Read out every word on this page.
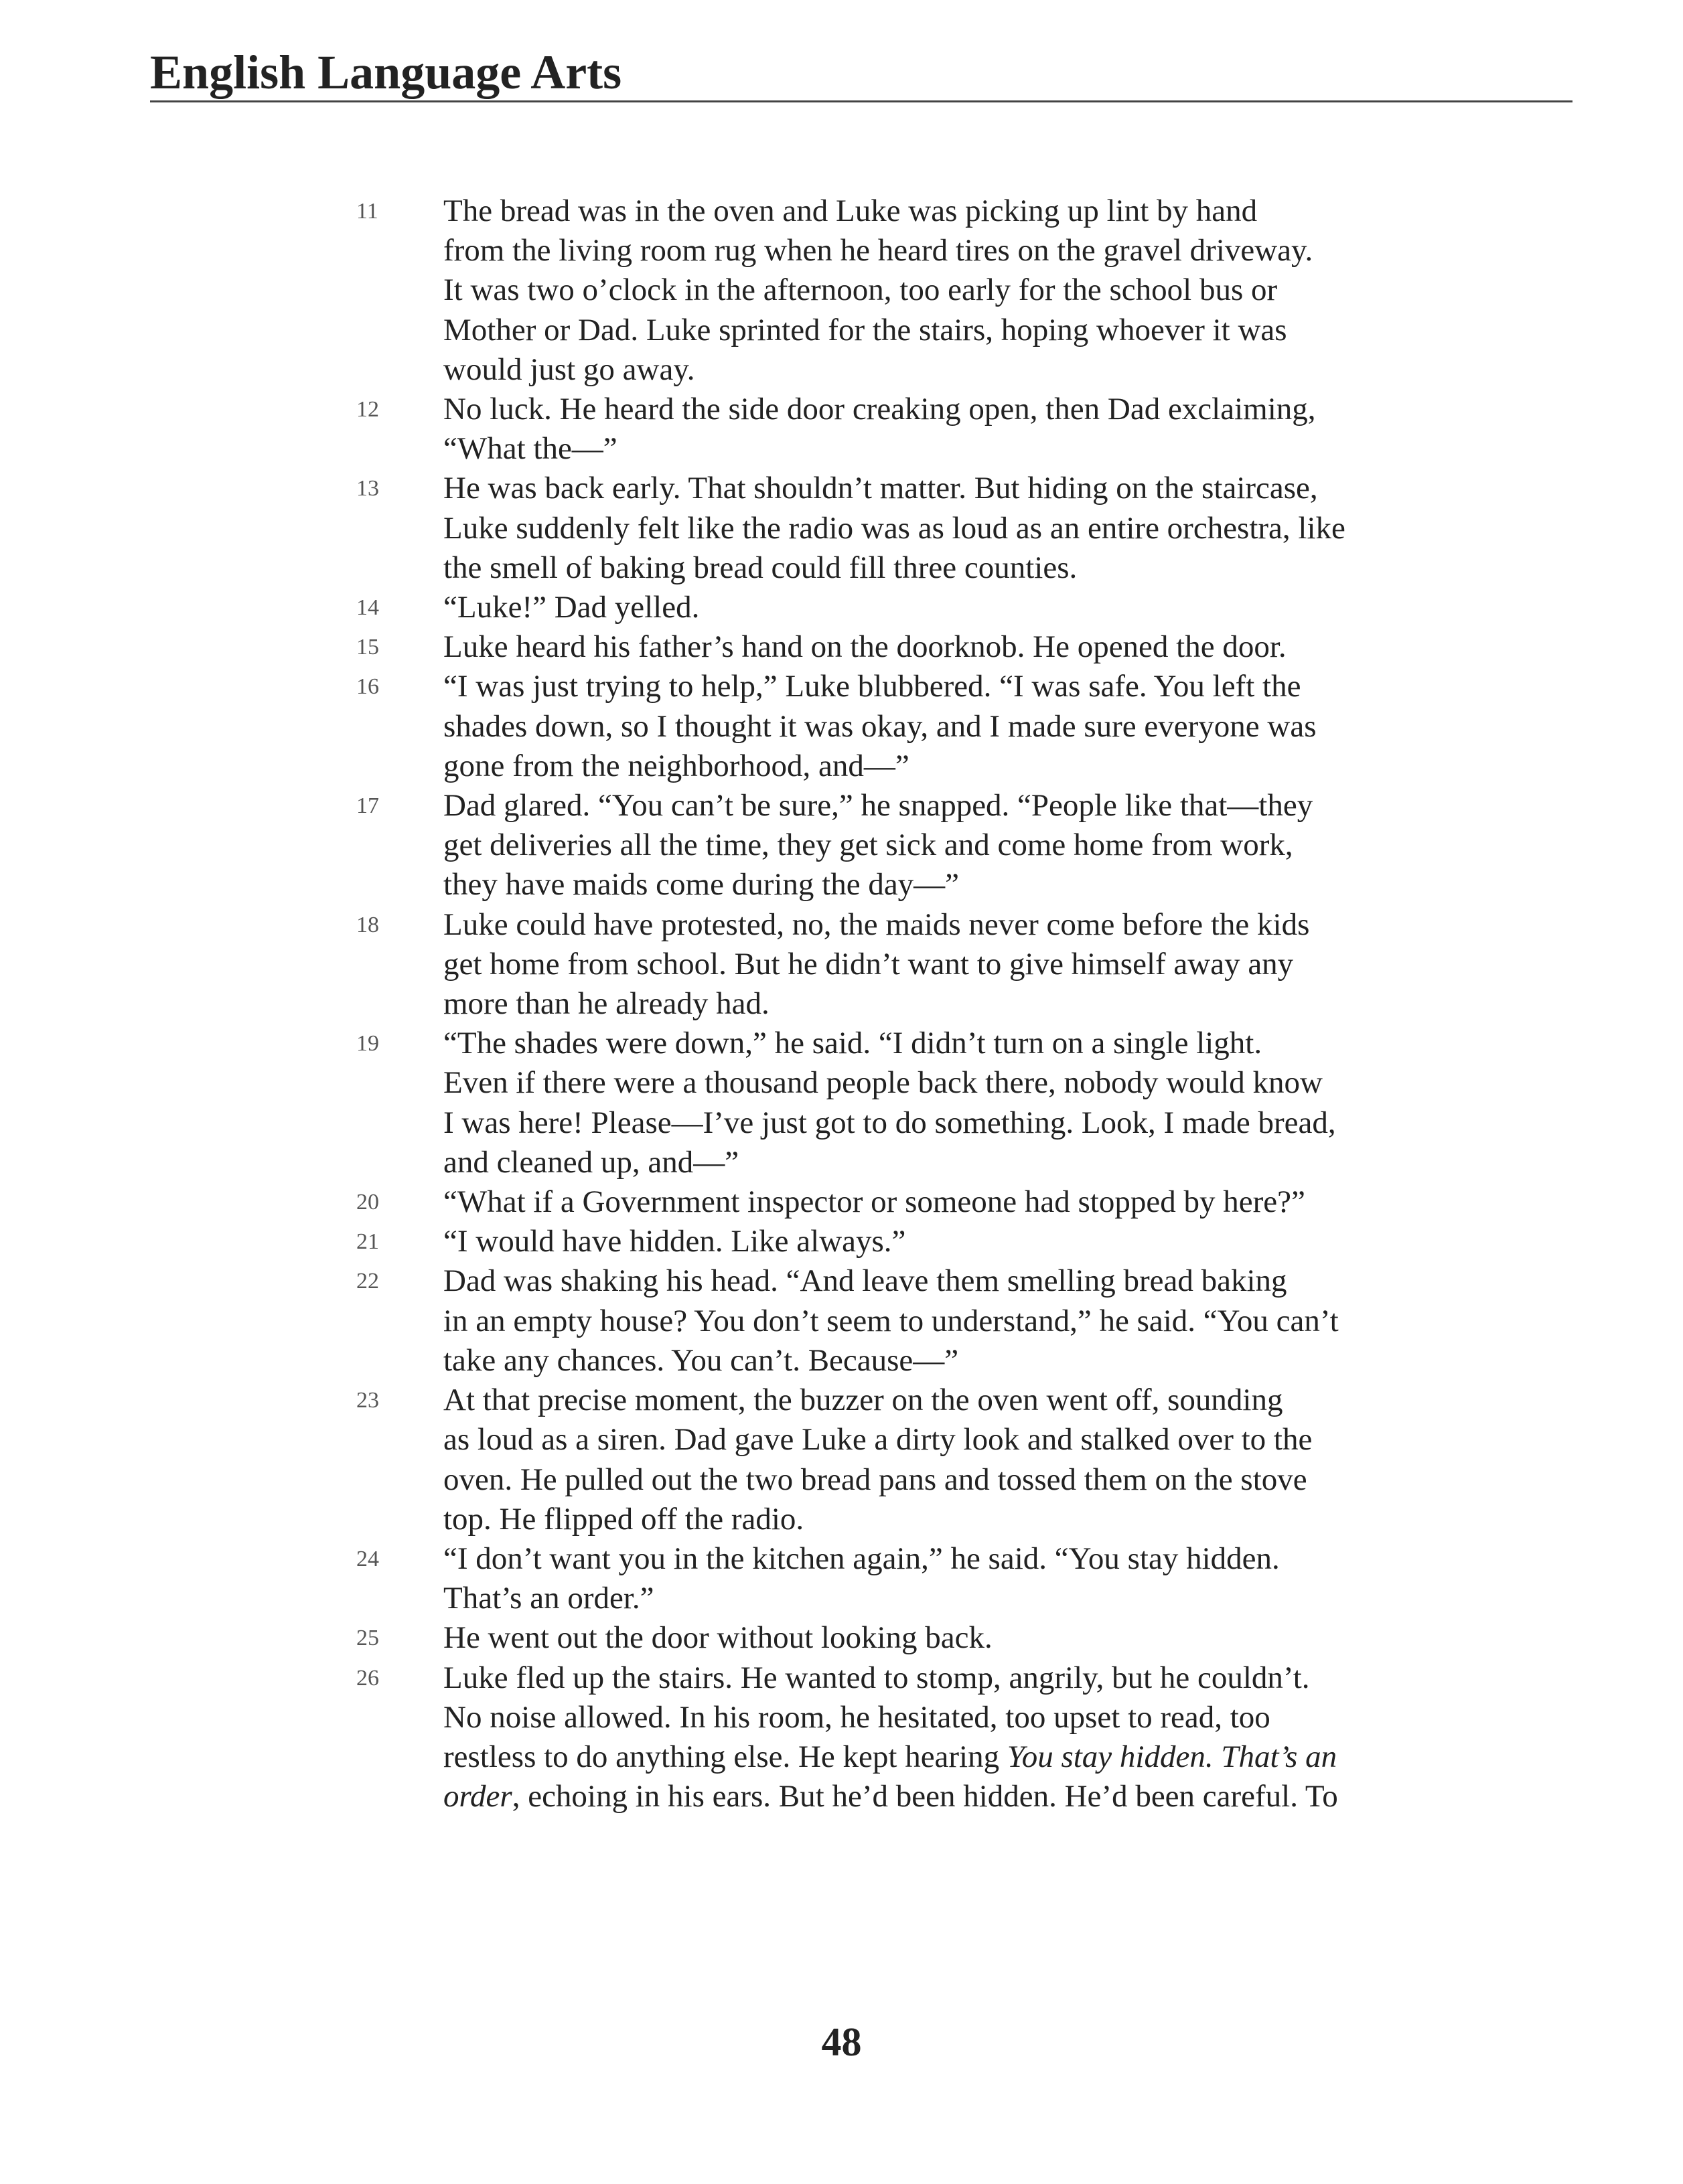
English Language Arts
11	The bread was in the oven and Luke was picking up lint by hand
from the living room rug when he heard tires on the gravel driveway.
It was two o’clock in the afternoon, too early for the school bus or
Mother or Dad. Luke sprinted for the stairs, hoping whoever it was
would just go away.
12	No luck. He heard the side door creaking open, then Dad exclaiming,
“What the—”
13	He was back early. That shouldn’t matter. But hiding on the staircase,
Luke suddenly felt like the radio was as loud as an entire orchestra, like
the smell of baking bread could fill three counties.
14	“Luke!” Dad yelled.
15	Luke heard his father’s hand on the doorknob. He opened the door.
16	“I was just trying to help,” Luke blubbered. “I was safe. You left the
shades down, so I thought it was okay, and I made sure everyone was
gone from the neighborhood, and—”
17	Dad glared. “You can’t be sure,” he snapped. “People like that—they
get deliveries all the time, they get sick and come home from work,
they have maids come during the day—”
18	Luke could have protested, no, the maids never come before the kids
get home from school. But he didn’t want to give himself away any
more than he already had.
19	“The shades were down,” he said. “I didn’t turn on a single light.
Even if there were a thousand people back there, nobody would know
I was here! Please—I’ve just got to do something. Look, I made bread,
and cleaned up, and—”
20	“What if a Government inspector or someone had stopped by here?”
21	“I would have hidden. Like always.”
22	Dad was shaking his head. “And leave them smelling bread baking
in an empty house? You don’t seem to understand,” he said. “You can’t
take any chances. You can’t. Because—”
23	At that precise moment, the buzzer on the oven went off, sounding
as loud as a siren. Dad gave Luke a dirty look and stalked over to the
oven. He pulled out the two bread pans and tossed them on the stove
top. He flipped off the radio.
24	“I don’t want you in the kitchen again,” he said. “You stay hidden.
That’s an order.”
25	He went out the door without looking back.
26	Luke fled up the stairs. He wanted to stomp, angrily, but he couldn’t.
No noise allowed. In his room, he hesitated, too upset to read, too
restless to do anything else. He kept hearing You stay hidden. That’s an
order, echoing in his ears. But he’d been hidden. He’d been careful. To
48
